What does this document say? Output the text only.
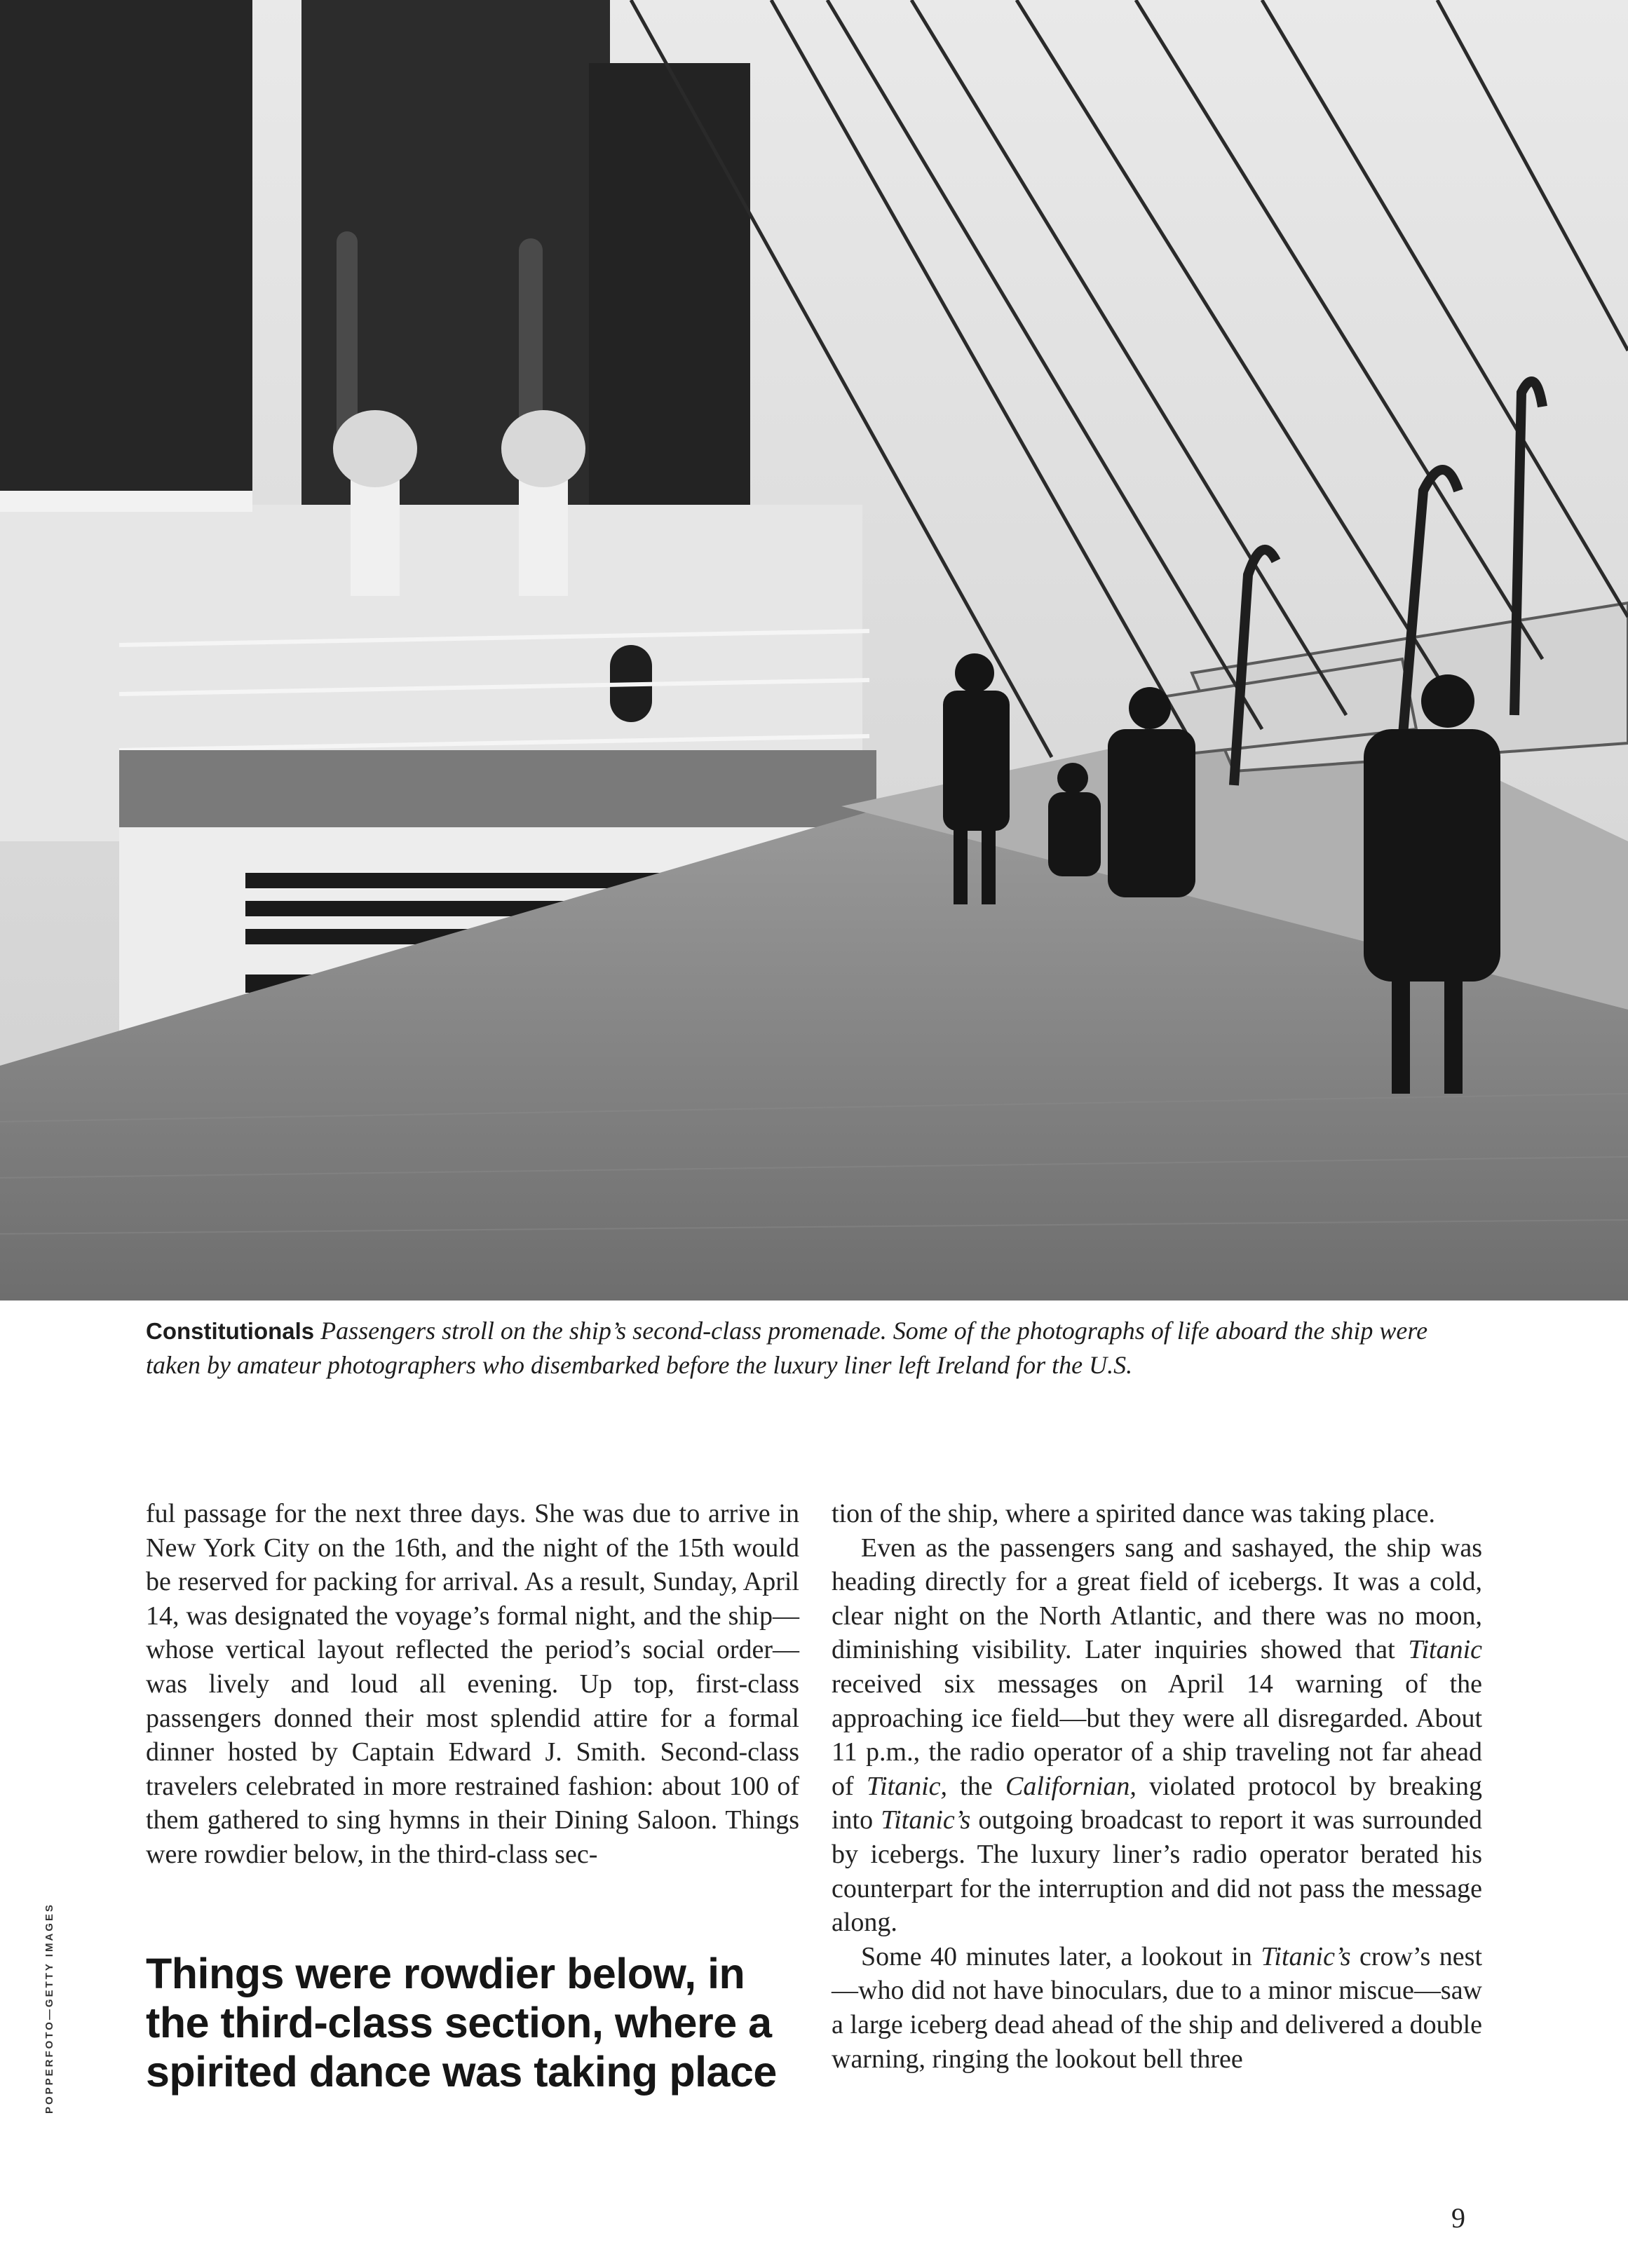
Constitutionals Passengers stroll on the ship’s second-class promenade. Some of the photographs of life aboard the ship were taken by amateur photographers who disembarked before the luxury liner left Ireland for the U.S.

ful passage for the next three days. She was due to arrive in New York City on the 16th, and the night of the 15th would be reserved for packing for arrival. As a result, Sunday, April 14, was designated the voyage’s formal night, and the ship—whose vertical layout reflected the period’s social order—was lively and loud all evening. Up top, first-class passengers donned their most splendid attire for a formal dinner hosted by Captain Edward J. Smith. Second-class travelers celebrated in more restrained fashion: about 100 of them gathered to sing hymns in their Dining Saloon. Things were rowdier below, in the third-class sec-

Things were rowdier below, in the third-class section, where a spirited dance was taking place

tion of the ship, where a spirited dance was taking place.

Even as the passengers sang and sashayed, the ship was heading directly for a great field of icebergs. It was a cold, clear night on the North Atlantic, and there was no moon, diminishing visibility. Later inquiries showed that Titanic received six messages on April 14 warning of the approaching ice field—but they were all disregarded. About 11 p.m., the radio operator of a ship traveling not far ahead of Titanic, the Californian, violated protocol by breaking into Titanic’s outgoing broadcast to report it was surrounded by icebergs. The luxury liner’s radio operator berated his counterpart for the interruption and did not pass the message along.

Some 40 minutes later, a lookout in Titanic’s crow’s nest—who did not have binoculars, due to a minor miscue—saw a large iceberg dead ahead of the ship and delivered a double warning, ringing the lookout bell three

POPPERFOTO—GETTY IMAGES
9
